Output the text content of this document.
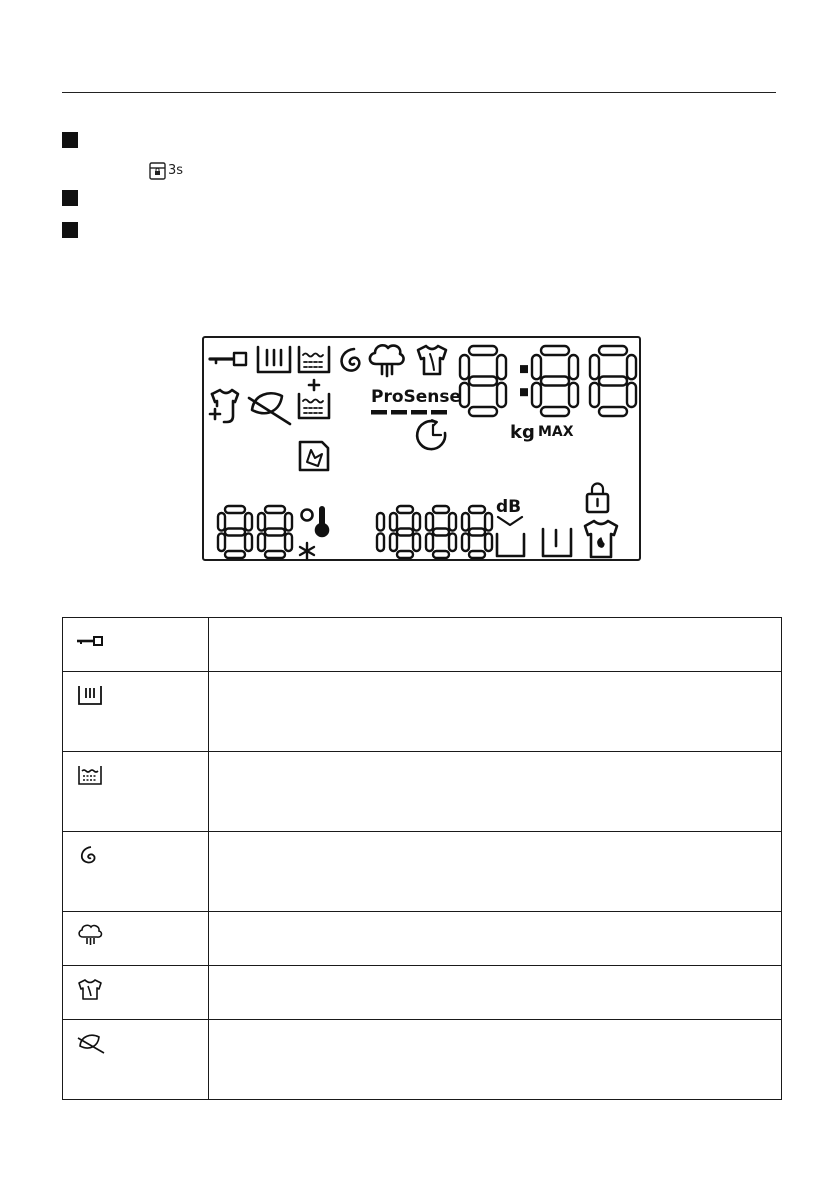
3s
ProSense
kg MAX
dB
